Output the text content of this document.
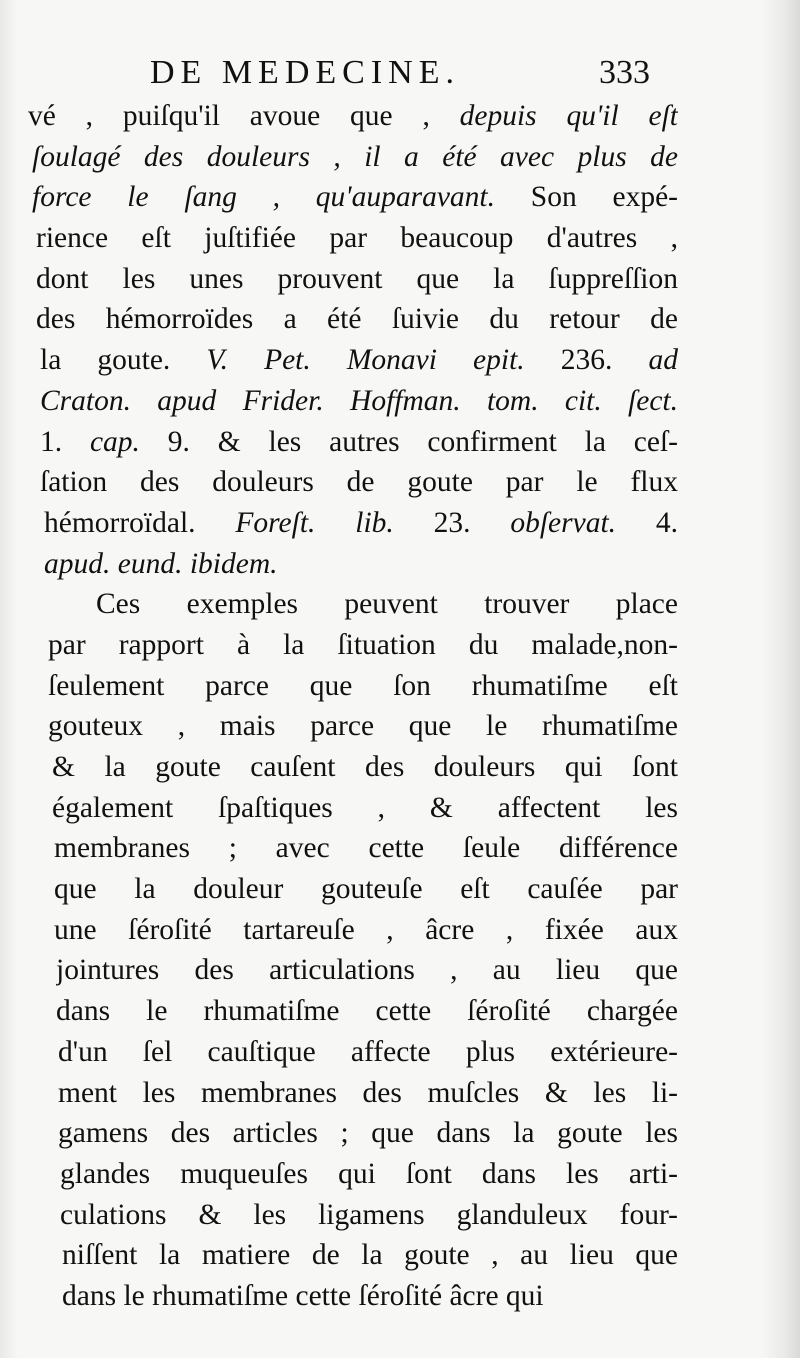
DE MEDECINE.	333
vé , puiſqu'il avoue que , depuis qu'il eſt
ſoulagé des douleurs , il a été avec plus de
force le ſang , qu'auparavant. Son expé-
rience eſt juſtifiée par beaucoup d'autres ,
dont les unes prouvent que la ſuppreſſion
des hémorroïdes a été ſuivie du retour de
la goute. V. Pet. Monavi epit. 236. ad
Craton. apud Frider. Hoffman. tom. cit. ſect.
1. cap. 9. & les autres confirment la ceſ-
ſation des douleurs de goute par le flux
hémorroïdal. Foreſt. lib. 23. obſervat. 4.
apud. eund. ibidem.
Ces exemples peuvent trouver place
par rapport à la ſituation du malade,non-
ſeulement parce que ſon rhumatiſme eſt
gouteux , mais parce que le rhumatiſme
& la goute cauſent des douleurs qui ſont
également ſpaſtiques , & affectent les
membranes ; avec cette ſeule différence
que la douleur gouteuſe eſt cauſée par
une ſéroſité tartareuſe , âcre , fixée aux
jointures des articulations , au lieu que
dans le rhumatiſme cette ſéroſité chargée
d'un ſel cauſtique affecte plus extérieure-
ment les membranes des muſcles & les li-
gamens des articles ; que dans la goute les
glandes muqueuſes qui ſont dans les arti-
culations & les ligamens glanduleux four-
niſſent la matiere de la goute , au lieu que
dans le rhumatiſme cette ſéroſité âcre qui
